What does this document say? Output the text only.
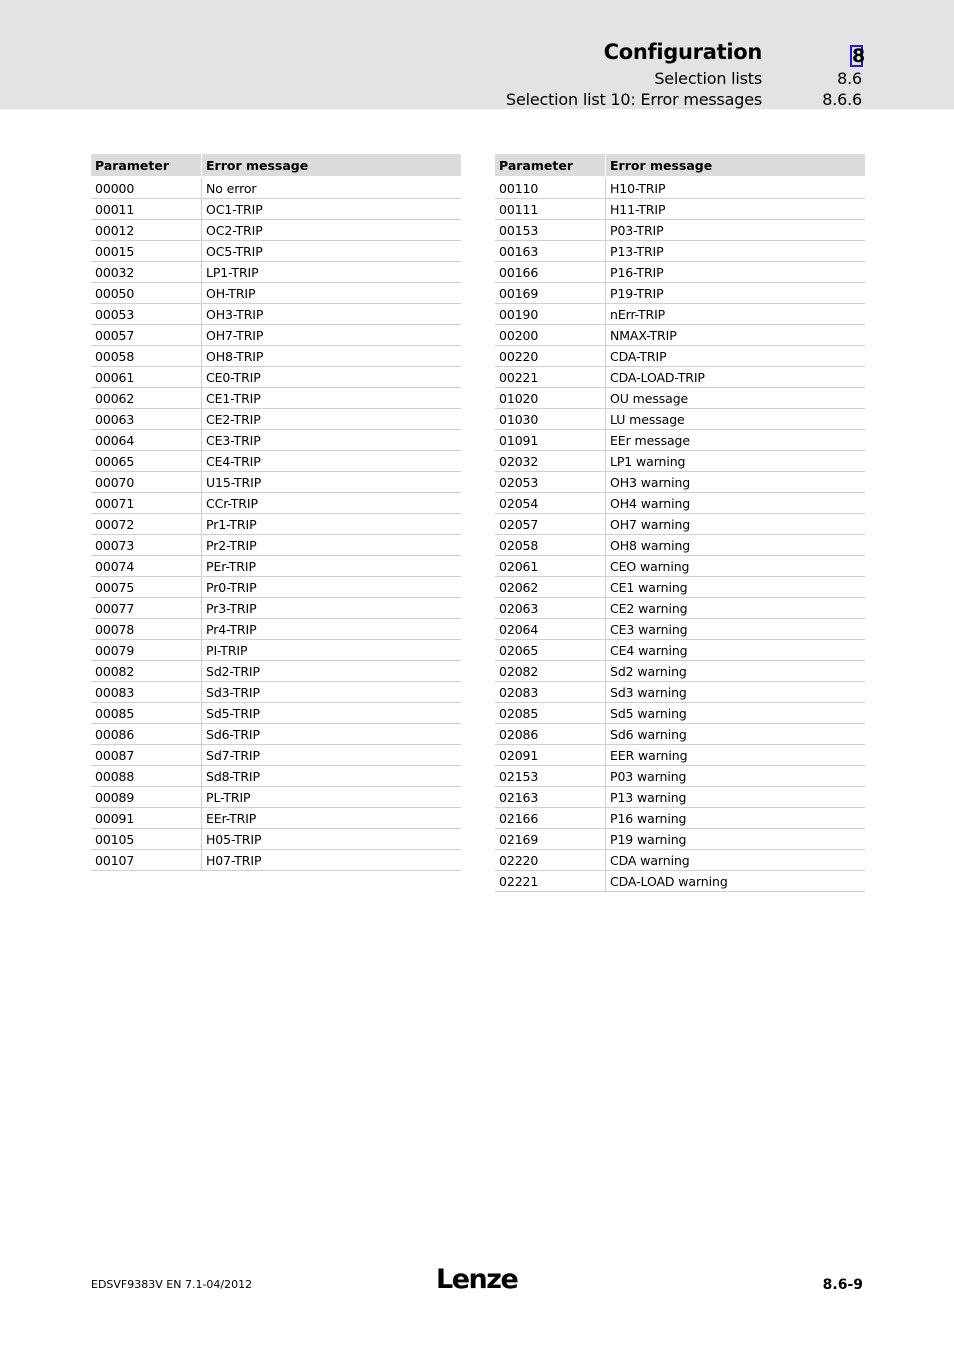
Configuration	8
Selection lists	8.6
Selection list 10: Error messages	8.6.6
Parameter	Error message
00000	No error
00011	OC1-TRIP
00012	OC2-TRIP
00015	OC5-TRIP
00032	LP1-TRIP
00050	OH-TRIP
00053	OH3-TRIP
00057	OH7-TRIP
00058	OH8-TRIP
00061	CE0-TRIP
00062	CE1-TRIP
00063	CE2-TRIP
00064	CE3-TRIP
00065	CE4-TRIP
00070	U15-TRIP
00071	CCr-TRIP
00072	Pr1-TRIP
00073	Pr2-TRIP
00074	PEr-TRIP
00075	Pr0-TRIP
00077	Pr3-TRIP
00078	Pr4-TRIP
00079	PI-TRIP
00082	Sd2-TRIP
00083	Sd3-TRIP
00085	Sd5-TRIP
00086	Sd6-TRIP
00087	Sd7-TRIP
00088	Sd8-TRIP
00089	PL-TRIP
00091	EEr-TRIP
00105	H05-TRIP
00107	H07-TRIP
Parameter	Error message
00110	H10-TRIP
00111	H11-TRIP
00153	P03-TRIP
00163	P13-TRIP
00166	P16-TRIP
00169	P19-TRIP
00190	nErr-TRIP
00200	NMAX-TRIP
00220	CDA-TRIP
00221	CDA-LOAD-TRIP
01020	OU message
01030	LU message
01091	EEr message
02032	LP1 warning
02053	OH3 warning
02054	OH4 warning
02057	OH7 warning
02058	OH8 warning
02061	CEO warning
02062	CE1 warning
02063	CE2 warning
02064	CE3 warning
02065	CE4 warning
02082	Sd2 warning
02083	Sd3 warning
02085	Sd5 warning
02086	Sd6 warning
02091	EER warning
02153	P03 warning
02163	P13 warning
02166	P16 warning
02169	P19 warning
02220	CDA warning
02221	CDA-LOAD warning
EDSVF9383V EN 7.1-04/2012	Lenze	8.6-9
